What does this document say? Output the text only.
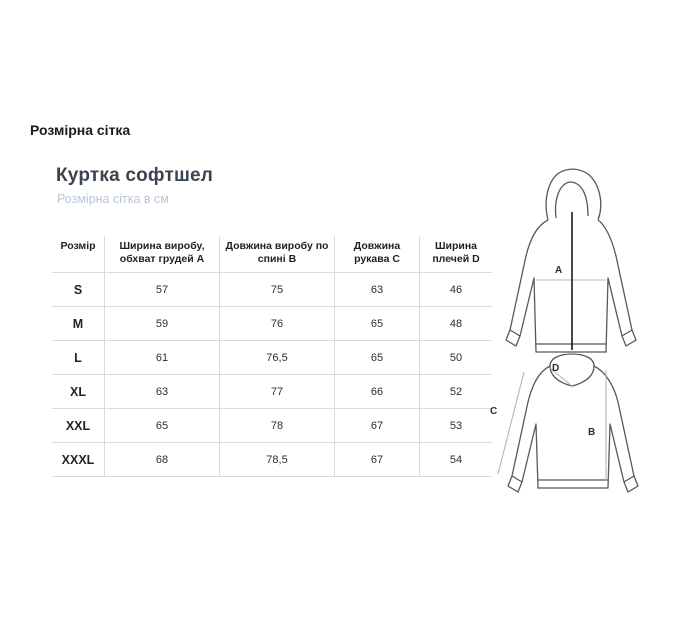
Розмірна сітка
Куртка софтшел
Розмірна сітка в см
Розмір	Ширина виробу, обхват грудей A	Довжина виробу по спині B	Довжина рукава C	Ширина плечей D
S	57	75	63	46
M	59	76	65	48
L	61	76,5	65	50
XL	63	77	66	52
XXL	65	78	67	53
XXXL	68	78,5	67	54
A
D
B
C
